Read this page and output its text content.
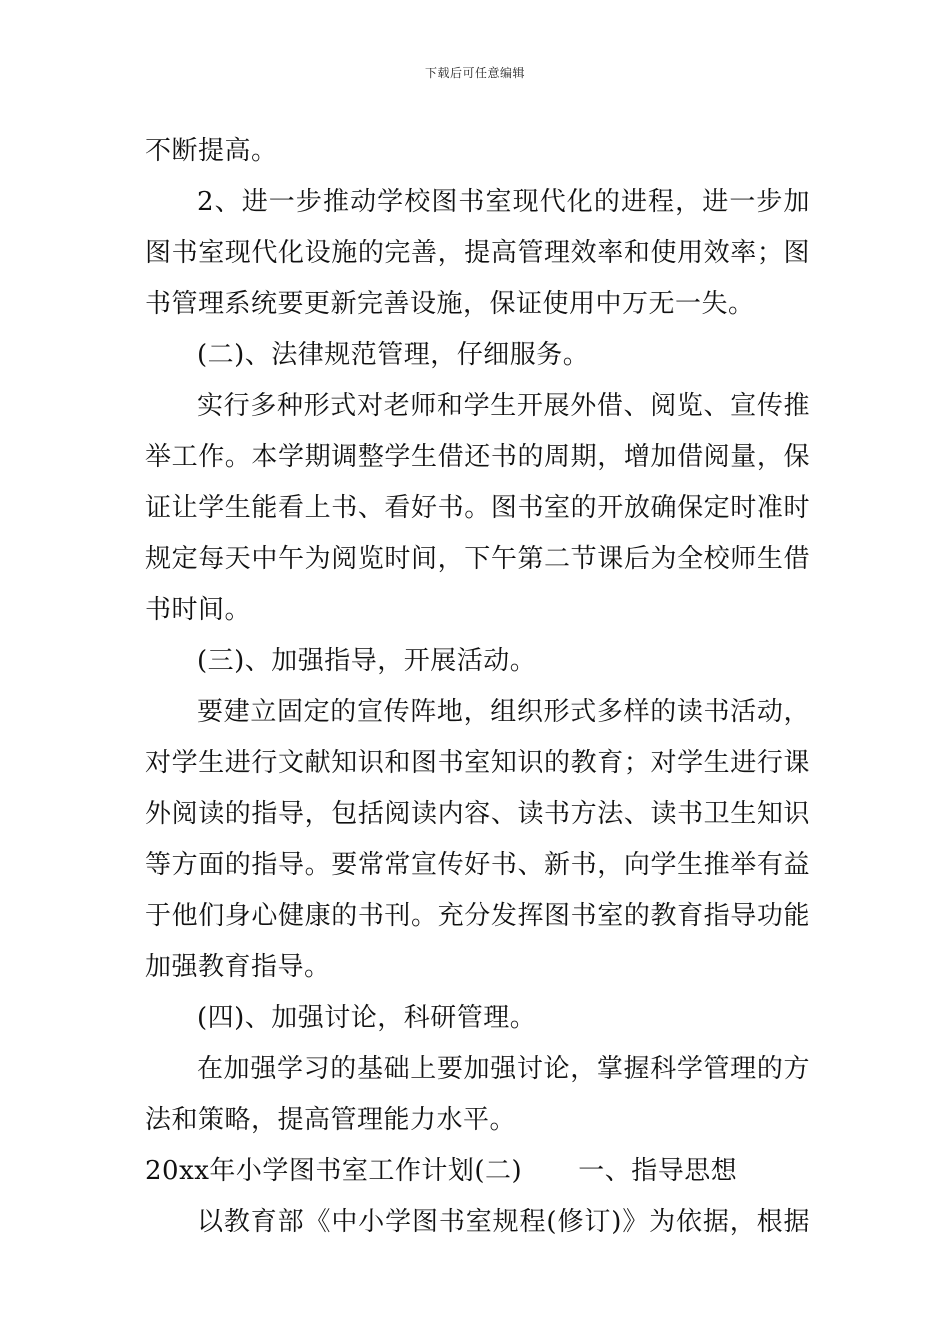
下载后可任意编辑
不断提高。
2、进一步推动学校图书室现代化的进程，进一步加
图书室现代化设施的完善，提高管理效率和使用效率；图
书管理系统要更新完善设施，保证使用中万无一失。
(二)、法律规范管理，仔细服务。
实行多种形式对老师和学生开展外借、阅览、宣传推
举工作。本学期调整学生借还书的周期，增加借阅量，保
证让学生能看上书、看好书。图书室的开放确保定时准时
规定每天中午为阅览时间，下午第二节课后为全校师生借
书时间。
(三)、加强指导，开展活动。
要建立固定的宣传阵地，组织形式多样的读书活动，
对学生进行文献知识和图书室知识的教育；对学生进行课
外阅读的指导，包括阅读内容、读书方法、读书卫生知识
等方面的指导。要常常宣传好书、新书，向学生推举有益
于他们身心健康的书刊。充分发挥图书室的教育指导功能
加强教育指导。
(四)、加强讨论，科研管理。
在加强学习的基础上要加强讨论，掌握科学管理的方
法和策略，提高管理能力水平。
20xx年小学图书室工作计划(二) 一、指导思想
以教育部《中小学图书室规程(修订)》为依据，根据
